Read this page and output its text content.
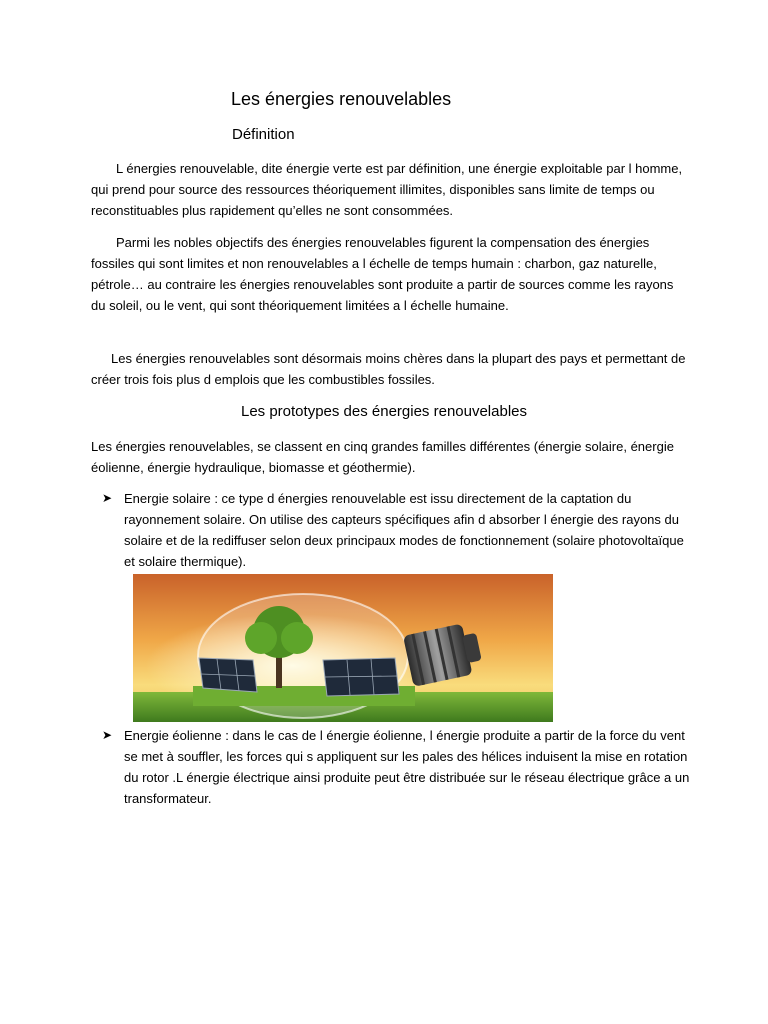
Les énergies renouvelables
Définition

L énergies renouvelable, dite énergie verte est par définition, une énergie exploitable par l homme, qui prend pour source des ressources théoriquement illimites, disponibles sans limite de temps ou reconstituables plus rapidement qu’elles ne sont consommées.

Parmi les nobles objectifs des énergies renouvelables figurent la compensation des énergies fossiles qui sont limites et non renouvelables a l échelle de temps humain : charbon, gaz naturelle, pétrole… au contraire les énergies renouvelables sont produite a partir de sources comme les rayons du soleil, ou le vent, qui sont théoriquement limitées a l échelle humaine.

Les énergies renouvelables sont désormais moins chères dans la plupart des pays et permettant de créer trois fois plus d emplois que les combustibles fossiles.

Les prototypes des énergies renouvelables

Les énergies renouvelables, se classent en cinq grandes familles différentes (énergie solaire, énergie éolienne, énergie hydraulique, biomasse et géothermie).

➤ Energie solaire : ce type d énergies renouvelable est issu directement de la captation du rayonnement solaire. On utilise des capteurs spécifiques afin d absorber l énergie des rayons du solaire et de la rediffuser selon deux principaux modes de fonctionnement (solaire photovoltaïque et solaire thermique).

➤ Energie éolienne : dans le cas de l énergie éolienne, l énergie produite a partir de la force du vent se met à souffler, les forces qui s appliquent sur les pales des hélices induisent la mise en rotation du rotor .L énergie électrique ainsi produite peut être distribuée sur le réseau électrique grâce a un transformateur.
